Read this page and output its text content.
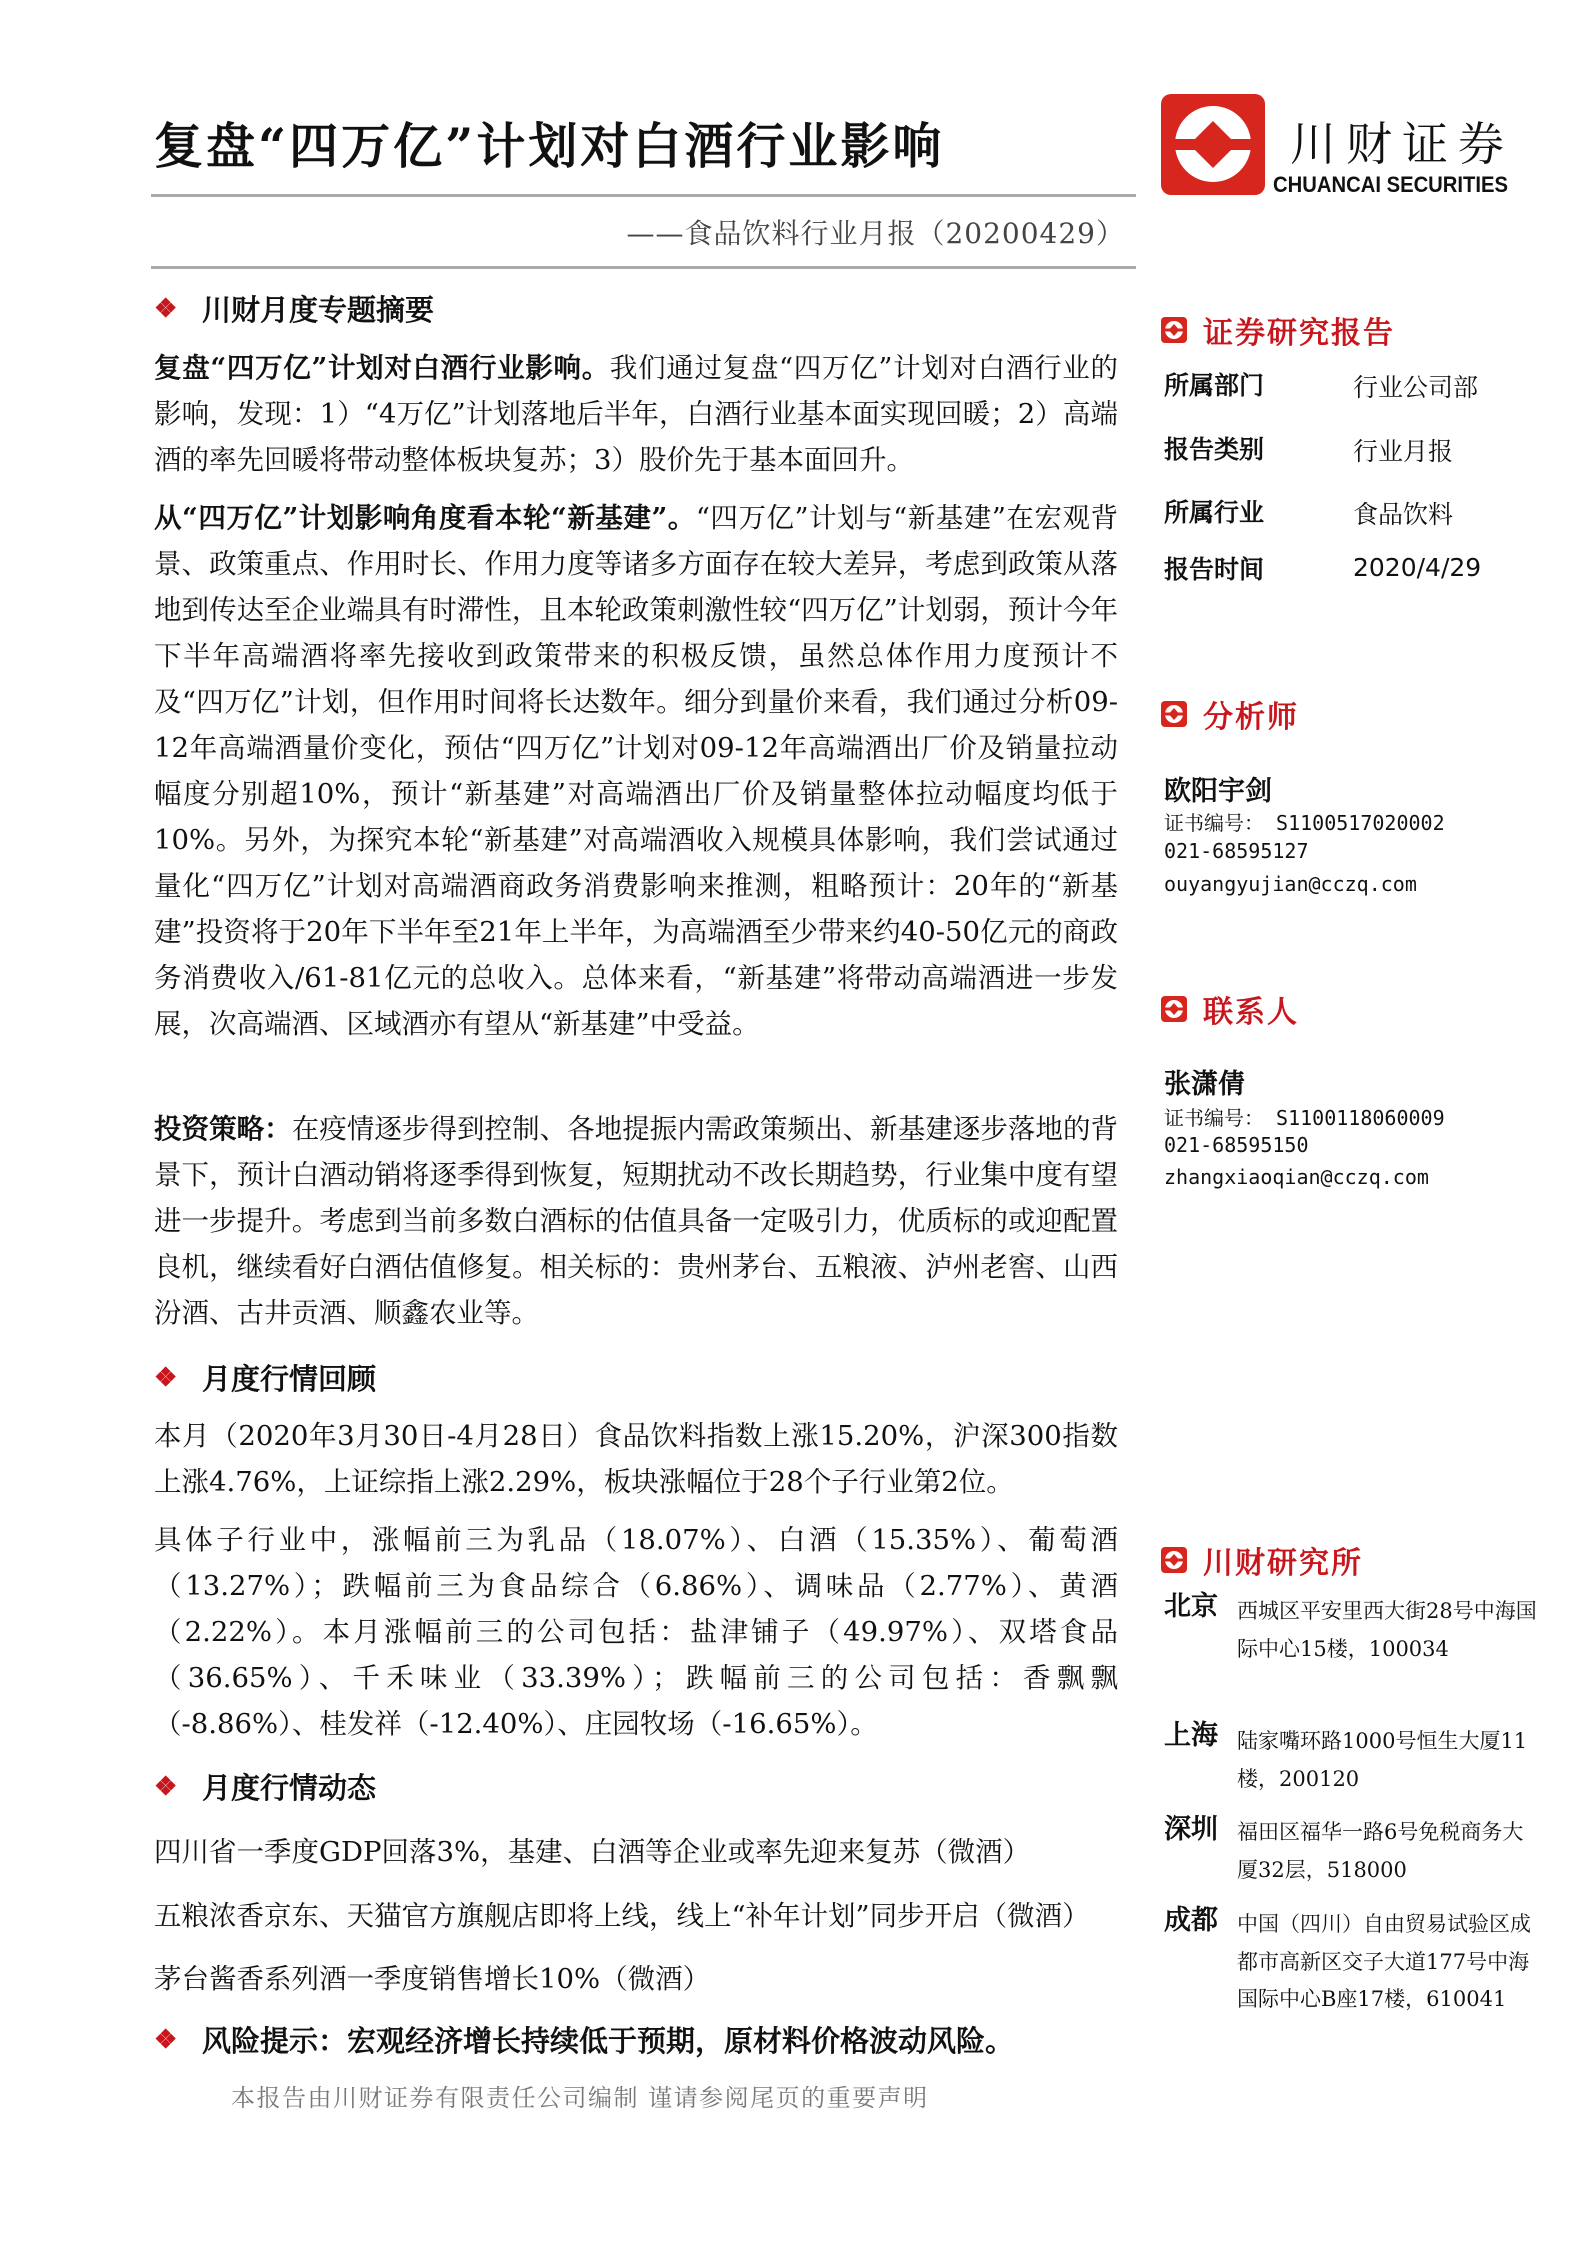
复盘“四万亿”计划对白酒行业影响
——食品饮料行业月报（20200429）
川财证券
CHUANCAI SECURITIES
❖ 川财月度专题摘要
复盘“四万亿”计划对白酒行业影响。我们通过复盘“四万亿”计划对白酒行业的影响，发现：1）“4万亿”计划落地后半年，白酒行业基本面实现回暖；2）高端酒的率先回暖将带动整体板块复苏；3）股价先于基本面回升。
从“四万亿”计划影响角度看本轮“新基建”。“四万亿”计划与“新基建”在宏观背景、政策重点、作用时长、作用力度等诸多方面存在较大差异，考虑到政策从落地到传达至企业端具有时滞性，且本轮政策刺激性较“四万亿”计划弱，预计今年下半年高端酒将率先接收到政策带来的积极反馈，虽然总体作用力度预计不及“四万亿”计划，但作用时间将长达数年。细分到量价来看，我们通过分析09-12年高端酒量价变化，预估“四万亿”计划对09-12年高端酒出厂价及销量拉动幅度分别超10%，预计“新基建”对高端酒出厂价及销量整体拉动幅度均低于10%。另外，为探究本轮“新基建”对高端酒收入规模具体影响，我们尝试通过量化“四万亿”计划对高端酒商政务消费影响来推测，粗略预计：20年的“新基建”投资将于20年下半年至21年上半年，为高端酒至少带来约40-50亿元的商政务消费收入/61-81亿元的总收入。总体来看，“新基建”将带动高端酒进一步发展，次高端酒、区域酒亦有望从“新基建”中受益。
投资策略：在疫情逐步得到控制、各地提振内需政策频出、新基建逐步落地的背景下，预计白酒动销将逐季得到恢复，短期扰动不改长期趋势，行业集中度有望进一步提升。考虑到当前多数白酒标的估值具备一定吸引力，优质标的或迎配置良机，继续看好白酒估值修复。相关标的：贵州茅台、五粮液、泸州老窖、山西汾酒、古井贡酒、顺鑫农业等。
❖ 月度行情回顾
本月（2020年3月30日-4月28日）食品饮料指数上涨15.20%，沪深300指数上涨4.76%，上证综指上涨2.29%，板块涨幅位于28个子行业第2位。
具体子行业中，涨幅前三为乳品（18.07%）、白酒（15.35%）、葡萄酒（13.27%）；跌幅前三为食品综合（6.86%）、调味品（2.77%）、黄酒（2.22%）。本月涨幅前三的公司包括：盐津铺子（49.97%）、双塔食品（36.65%）、千禾味业（33.39%）；跌幅前三的公司包括：香飘飘（-8.86%）、桂发祥（-12.40%）、庄园牧场（-16.65%）。
❖ 月度行情动态
四川省一季度GDP回落3%，基建、白酒等企业或率先迎来复苏（微酒）
五粮浓香京东、天猫官方旗舰店即将上线，线上“补年计划”同步开启（微酒）
茅台酱香系列酒一季度销售增长10%（微酒）
❖ 风险提示：宏观经济增长持续低于预期，原材料价格波动风险。
本报告由川财证券有限责任公司编制 谨请参阅尾页的重要声明
证券研究报告
所属部门	行业公司部
报告类别	行业月报
所属行业	食品饮料
报告时间	2020/4/29
分析师
欧阳宇剑
证书编号： S1100517020002
021-68595127
ouyangyujian@cczq.com
联系人
张潇倩
证书编号： S1100118060009
021-68595150
zhangxiaoqian@cczq.com
川财研究所
北京 西城区平安里西大街28号中海国际中心15楼，100034
上海 陆家嘴环路1000号恒生大厦11楼，200120
深圳 福田区福华一路6号免税商务大厦32层，518000
成都 中国（四川）自由贸易试验区成都市高新区交子大道177号中海国际中心B座17楼，610041
